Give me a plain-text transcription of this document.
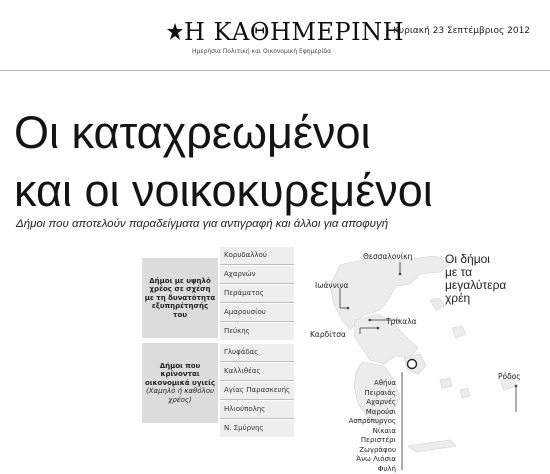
Η ΚΑΘΗΜΕΡΙΝΗ
Ημερήσια Πολιτική και Οικονομική Εφημερίδα
Κυριακή 23 Σεπτέμβριος 2012
Οι καταχρεωμένοι
και οι νοικοκυρεμένοι
Δήμοι που αποτελούν παραδείγματα για αντιγραφή και άλλοι για αποφυγή
Δήμοι με υψηλό χρέος σε σχέση με τη δυνατότητα εξυπηρέτησής του
Κορυδαλλού
Αχαρνών
Περάματος
Αμαρουσίου
Πεύκης
Δήμοι που κρίνονται οικονομικά υγιείς
(Χαμηλό ή καθόλου χρέος)
Γλυφάδας
Καλλιθέας
Αγίας Παρασκευής
Ηλιούπολης
Ν. Σμύρνης
Οι δήμοι
με τα
μεγαλύτερα
χρέη
Θεσσαλονίκη
Ιωάννινα
Τρίκαλα
Καρδίτσα
Ρόδος
Αθήνα
Πειραιάς
Αχαρνές
Μαρούσι
Ασπρόπυργος
Νίκαια
Περιστέρι
Ζωγράφου
Άνω Λιόσια
Φυλή
